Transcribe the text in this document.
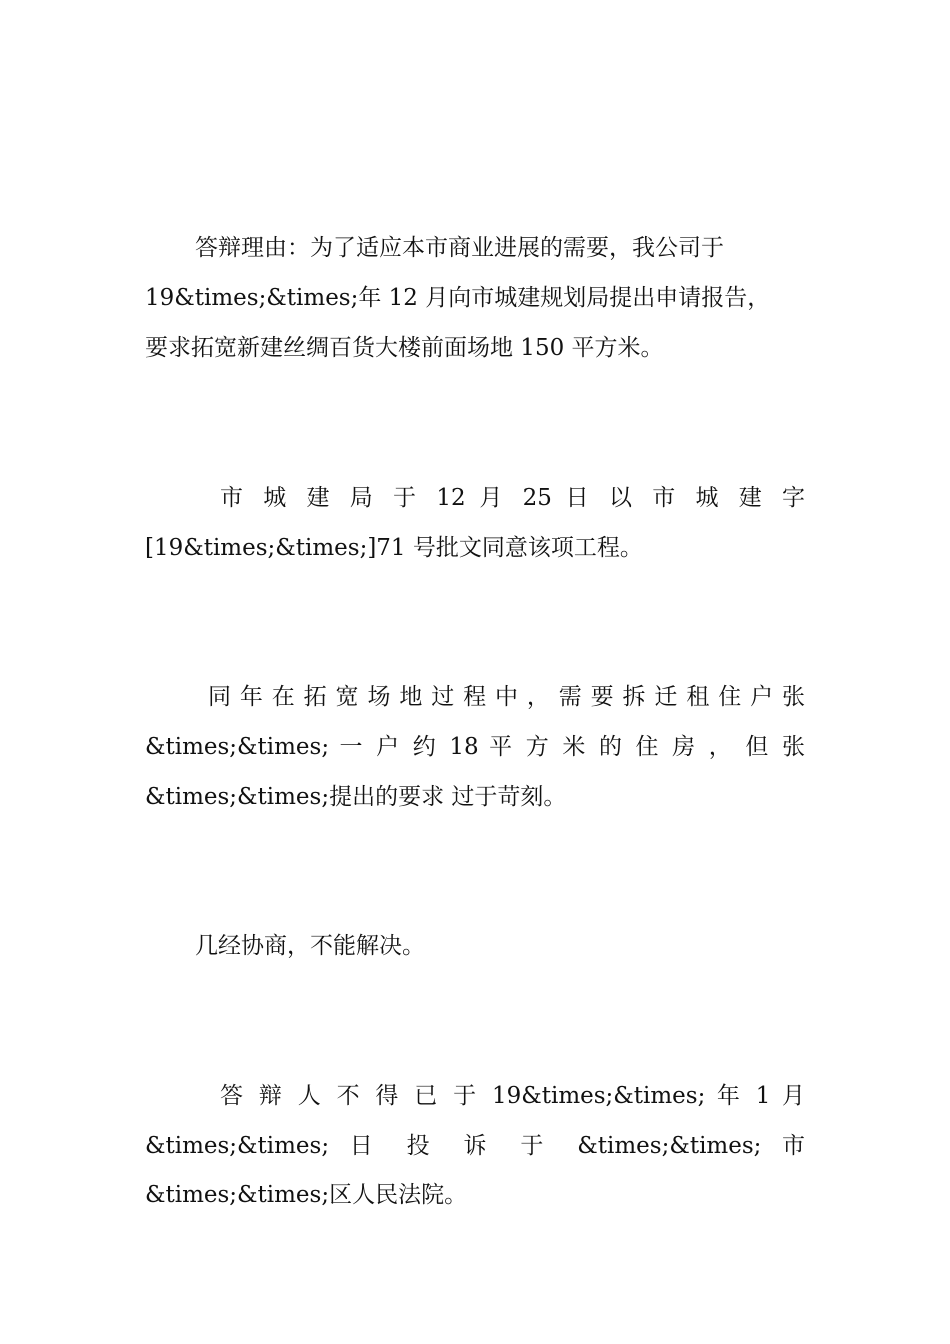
答辩理由：为了适应本市商业进展的需要，我公司于
19&times;&times;年 12 月向市城建规划局提出申请报告，
要求拓宽新建丝绸百货大楼前面场地 150 平方米。
市 城 建 局 于 12 月 25 日 以 市 城 建 字
[19&times;&times;]71 号批文同意该项工程。
同 年 在 拓 宽 场 地 过 程 中 ， 需 要 拆 迁 租 住 户 张
&times;&times; 一 户 约 18 平 方 米 的 住 房 ， 但 张
&times;&times;提出的要求 过于苛刻。
几经协商，不能解决。
答 辩 人 不 得 已 于 19&times;&times; 年 1 月
&times;&times; 日 投 诉 于 &times;&times; 市
&times;&times;区人民法院。
